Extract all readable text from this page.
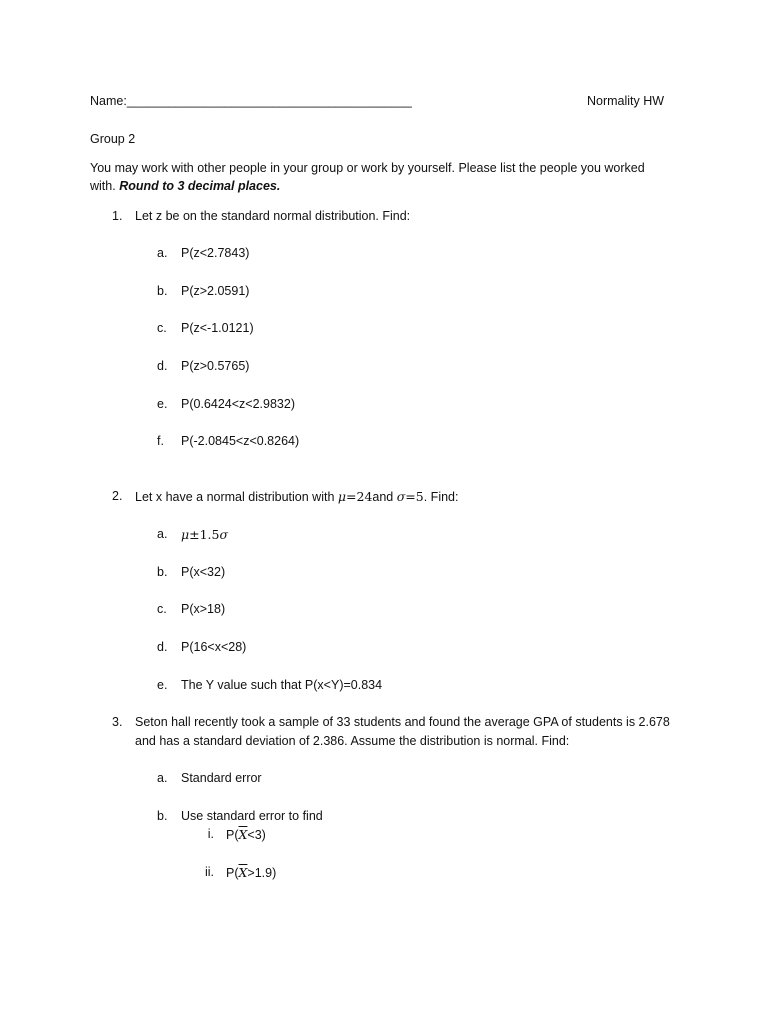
Name:_________________________________________	Normality HW
Group 2
You may work with other people in your group or work by yourself. Please list the people you worked
with. Round to 3 decimal places.
1. Let z be on the standard normal distribution. Find:
a. P(z<2.7843)
b. P(z>2.0591)
c. P(z<-1.0121)
d. P(z>0.5765)
e. P(0.6424<z<2.9832)
f. P(-2.0845<z<0.8264)
2. Let x have a normal distribution with μ=24and σ=5. Find:
a. μ±1.5σ
b. P(x<32)
c. P(x>18)
d. P(16<x<28)
e. The Y value such that P(x<Y)=0.834
3. Seton hall recently took a sample of 33 students and found the average GPA of students is 2.678
and has a standard deviation of 2.386. Assume the distribution is normal. Find:
a. Standard error
b. Use standard error to find
i. $P(\overline{X}<3)$
ii. $P(\overline{X}>1.9)$
